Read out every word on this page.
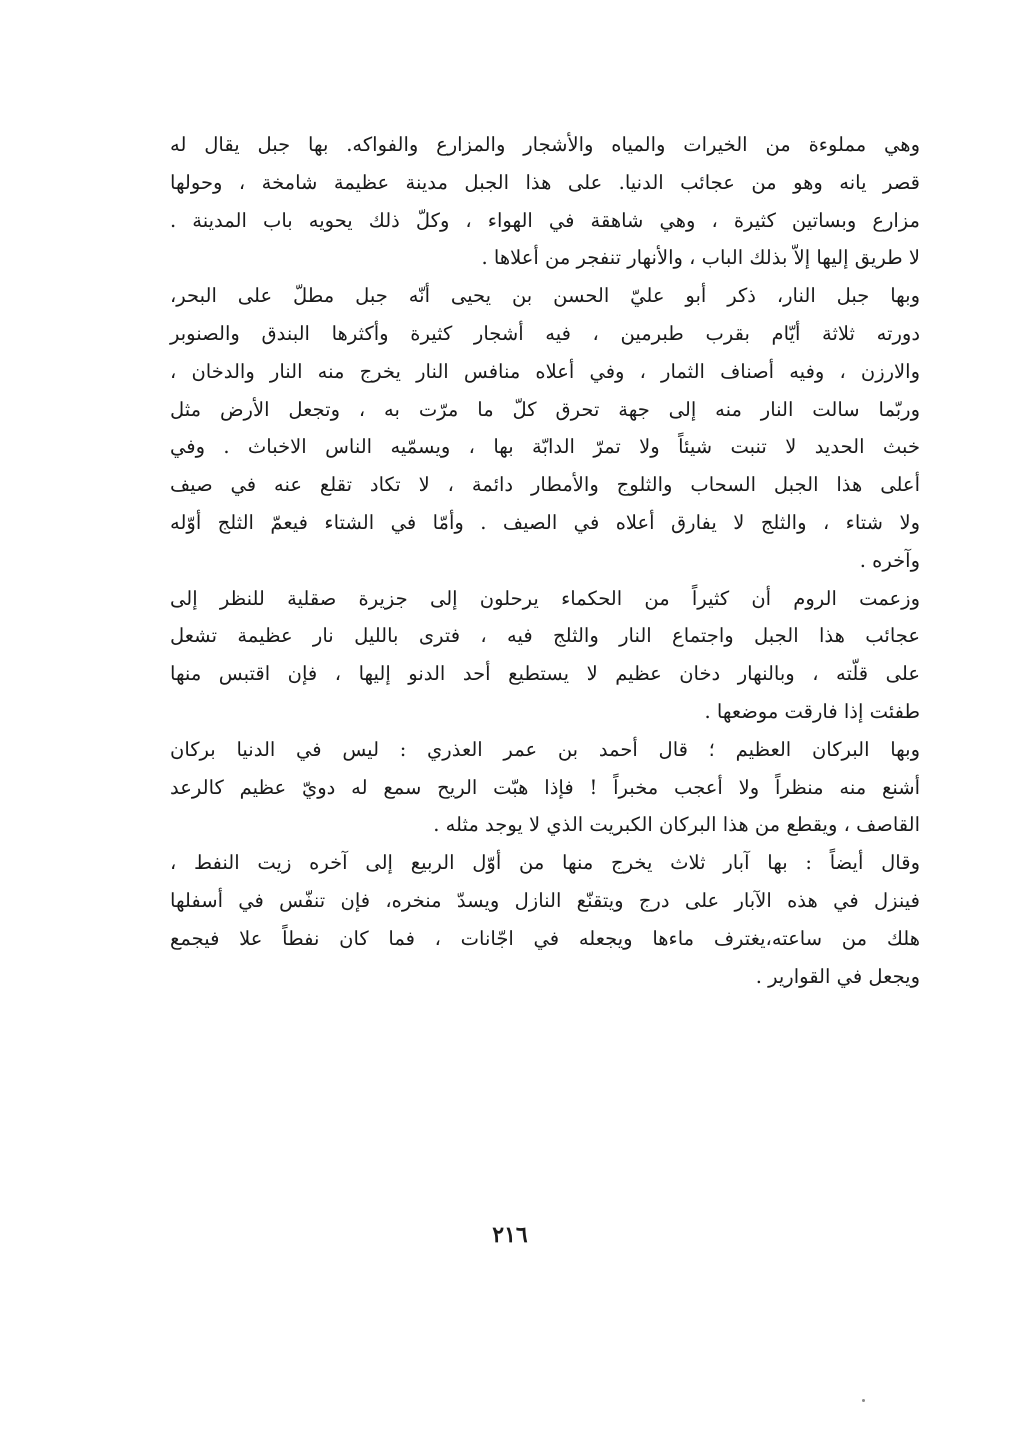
وهي مملوءة من الخيرات والمياه والأشجار والمزارع والفواكه. بها جبل يقال له
قصر يانه وهو من عجائب الدنيا. على هذا الجبل مدينة عظيمة شامخة ، وحولها
مزارع وبساتين كثيرة ، وهي شاهقة في الهواء ، وكلّ ذلك يحويه باب المدينة .
لا طريق إليها إلاّ بذلك الباب ، والأنهار تنفجر من أعلاها .
وبها جبل النار، ذكر أبو عليّ الحسن بن يحيى أنّه جبل مطلّ على البحر،
دورته ثلاثة أيّام بقرب طبرمين ، فيه أشجار كثيرة وأكثرها البندق والصنوبر
والارزن ، وفيه أصناف الثمار ، وفي أعلاه منافس النار يخرج منه النار والدخان ،
وربّما سالت النار منه إلى جهة تحرق كلّ ما مرّت به ، وتجعل الأرض مثل
خبث الحديد لا تنبت شيئاً ولا تمرّ الدابّة بها ، ويسمّيه الناس الاخباث . وفي
أعلى هذا الجبل السحاب والثلوج والأمطار دائمة ، لا تكاد تقلع عنه في صيف
ولا شتاء ، والثلج لا يفارق أعلاه في الصيف . وأمّا في الشتاء فيعمّ الثلج أوّله
وآخره .
وزعمت الروم أن كثيراً من الحكماء يرحلون إلى جزيرة صقلية للنظر إلى
عجائب هذا الجبل واجتماع النار والثلج فيه ، فترى بالليل نار عظيمة تشعل
على قلّته ، وبالنهار دخان عظيم لا يستطيع أحد الدنو إليها ، فإن اقتبس منها
طفئت إذا فارقت موضعها .
وبها البركان العظيم ؛ قال أحمد بن عمر العذري : ليس في الدنيا بركان
أشنع منه منظراً ولا أعجب مخبراً ! فإذا هبّت الريح سمع له دويّ عظيم كالرعد
القاصف ، ويقطع من هذا البركان الكبريت الذي لا يوجد مثله .
وقال أيضاً : بها آبار ثلاث يخرج منها من أوّل الربيع إلى آخره زيت النفط ،
فينزل في هذه الآبار على درج ويتقنّع النازل ويسدّ منخره، فإن تنفّس في أسفلها
هلك من ساعته،يغترف ماءها ويجعله في اجّانات ، فما كان نفطاً علا فيجمع
ويجعل في القوارير .
٢١٦
